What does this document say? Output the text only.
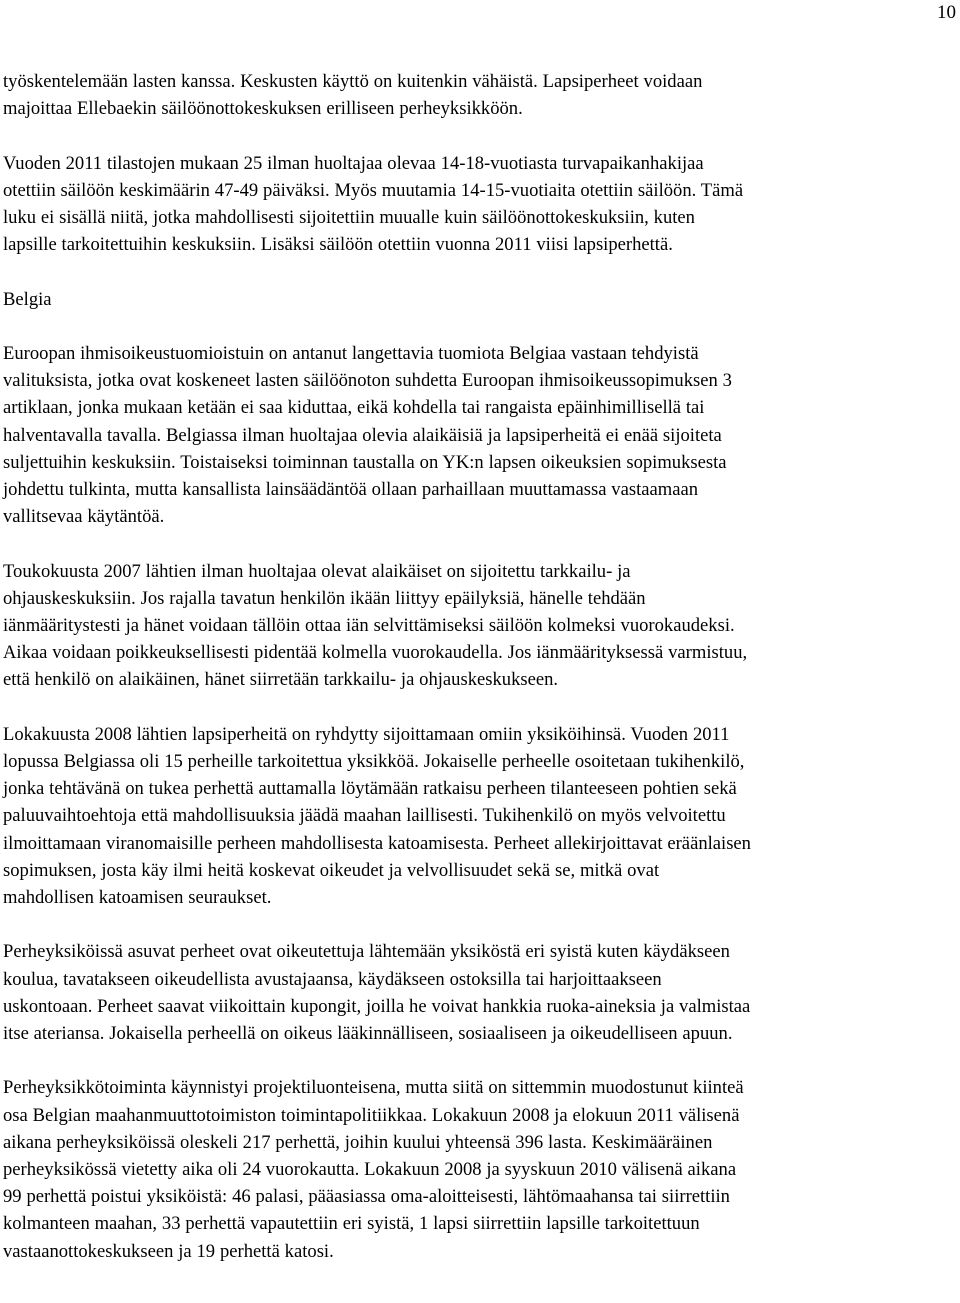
10

työskentelemään lasten kanssa. Keskusten käyttö on kuitenkin vähäistä. Lapsiperheet voidaan
majoittaa Ellebaekin säilöönottokeskuksen erilliseen perheyksikköön.

Vuoden 2011 tilastojen mukaan 25 ilman huoltajaa olevaa 14-18-vuotiasta turvapaikanhakijaa
otettiin säilöön keskimäärin 47-49 päiväksi. Myös muutamia 14-15-vuotiaita otettiin säilöön. Tämä
luku ei sisällä niitä, jotka mahdollisesti sijoitettiin muualle kuin säilöönottokeskuksiin, kuten
lapsille tarkoitettuihin keskuksiin. Lisäksi säilöön otettiin vuonna 2011 viisi lapsiperhettä.

Belgia

Euroopan ihmisoikeustuomioistuin on antanut langettavia tuomiota Belgiaa vastaan tehdyistä
valituksista, jotka ovat koskeneet lasten säilöönoton suhdetta Euroopan ihmisoikeussopimuksen 3
artiklaan, jonka mukaan ketään ei saa kiduttaa, eikä kohdella tai rangaista epäinhimillisellä tai
halventavalla tavalla. Belgiassa ilman huoltajaa olevia alaikäisiä ja lapsiperheitä ei enää sijoiteta
suljettuihin keskuksiin. Toistaiseksi toiminnan taustalla on YK:n lapsen oikeuksien sopimuksesta
johdettu tulkinta, mutta kansallista lainsäädäntöä ollaan parhaillaan muuttamassa vastaamaan
vallitsevaa käytäntöä.

Toukokuusta 2007 lähtien ilman huoltajaa olevat alaikäiset on sijoitettu tarkkailu- ja
ohjauskeskuksiin. Jos rajalla tavatun henkilön ikään liittyy epäilyksiä, hänelle tehdään
iänmääritystesti ja hänet voidaan tällöin ottaa iän selvittämiseksi säilöön kolmeksi vuorokaudeksi.
Aikaa voidaan poikkeuksellisesti pidentää kolmella vuorokaudella. Jos iänmäärityksessä varmistuu,
että henkilö on alaikäinen, hänet siirretään tarkkailu- ja ohjauskeskukseen.

Lokakuusta 2008 lähtien lapsiperheitä on ryhdytty sijoittamaan omiin yksiköihinsä. Vuoden 2011
lopussa Belgiassa oli 15 perheille tarkoitettua yksikköä. Jokaiselle perheelle osoitetaan tukihenkilö,
jonka tehtävänä on tukea perhettä auttamalla löytämään ratkaisu perheen tilanteeseen pohtien sekä
paluuvaihtoehtoja että mahdollisuuksia jäädä maahan laillisesti. Tukihenkilö on myös velvoitettu
ilmoittamaan viranomaisille perheen mahdollisesta katoamisesta. Perheet allekirjoittavat eräänlaisen
sopimuksen, josta käy ilmi heitä koskevat oikeudet ja velvollisuudet sekä se, mitkä ovat
mahdollisen katoamisen seuraukset.

Perheyksiköissä asuvat perheet ovat oikeutettuja lähtemään yksiköstä eri syistä kuten käydäkseen
koulua, tavatakseen oikeudellista avustajaansa, käydäkseen ostoksilla tai harjoittaakseen
uskontoaan. Perheet saavat viikoittain kupongit, joilla he voivat hankkia ruoka-aineksia ja valmistaa
itse ateriansa. Jokaisella perheellä on oikeus lääkinnälliseen, sosiaaliseen ja oikeudelliseen apuun.

Perheyksikkötoiminta käynnistyi projektiluonteisena, mutta siitä on sittemmin muodostunut kiinteä
osa Belgian maahanmuuttotoimiston toimintapolitiikkaa. Lokakuun 2008 ja elokuun 2011 välisenä
aikana perheyksiköissä oleskeli 217 perhettä, joihin kuului yhteensä 396 lasta. Keskimääräinen
perheyksikössä vietetty aika oli 24 vuorokautta. Lokakuun 2008 ja syyskuun 2010 välisenä aikana
99 perhettä poistui yksiköistä: 46 palasi, pääasiassa oma-aloitteisesti, lähtömaahansa tai siirrettiin
kolmanteen maahan, 33 perhettä vapautettiin eri syistä, 1 lapsi siirrettiin lapsille tarkoitettuun
vastaanottokeskukseen ja 19 perhettä katosi.
